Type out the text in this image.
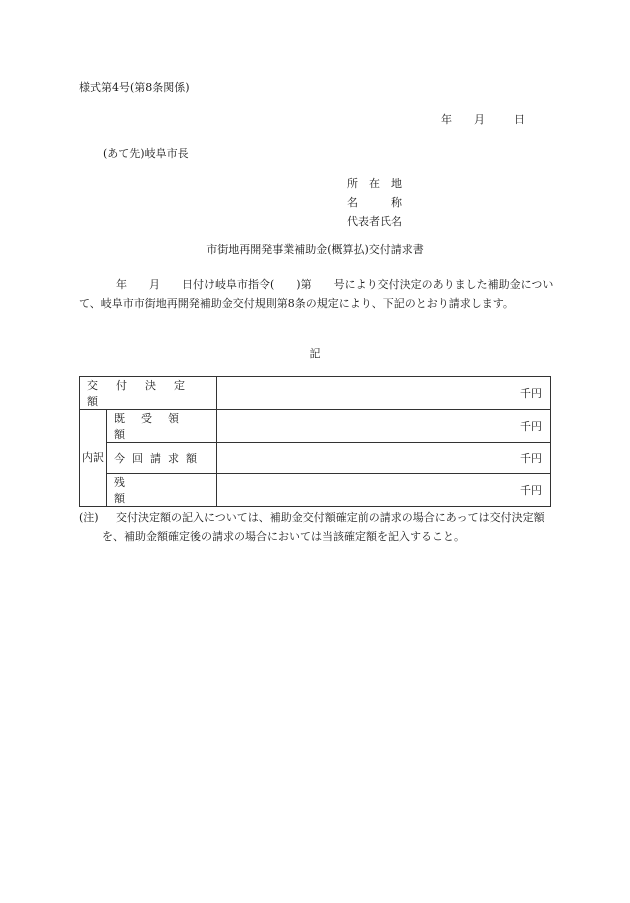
様式第4号(第8条関係)
年 月	日
(あて先)岐阜市長
所　在　地
名　　　称
代表者氏名
市街地再開発事業補助金(概算払)交付請求書

年　　月　　日付け岐阜市指令(　　)第　　号により交付決定のありました補助金について、岐阜市市街地再開発補助金交付規則第8条の規定により、下記のとおり請求します。

記
交付決定額		千円
内訳	既受領額	千円
	今回請求額	千円
	残額	千円
(注)	交付決定額の記入については、補助金交付額確定前の請求の場合にあっては交付決定額を、補助金額確定後の請求の場合においては当該確定額を記入すること。
